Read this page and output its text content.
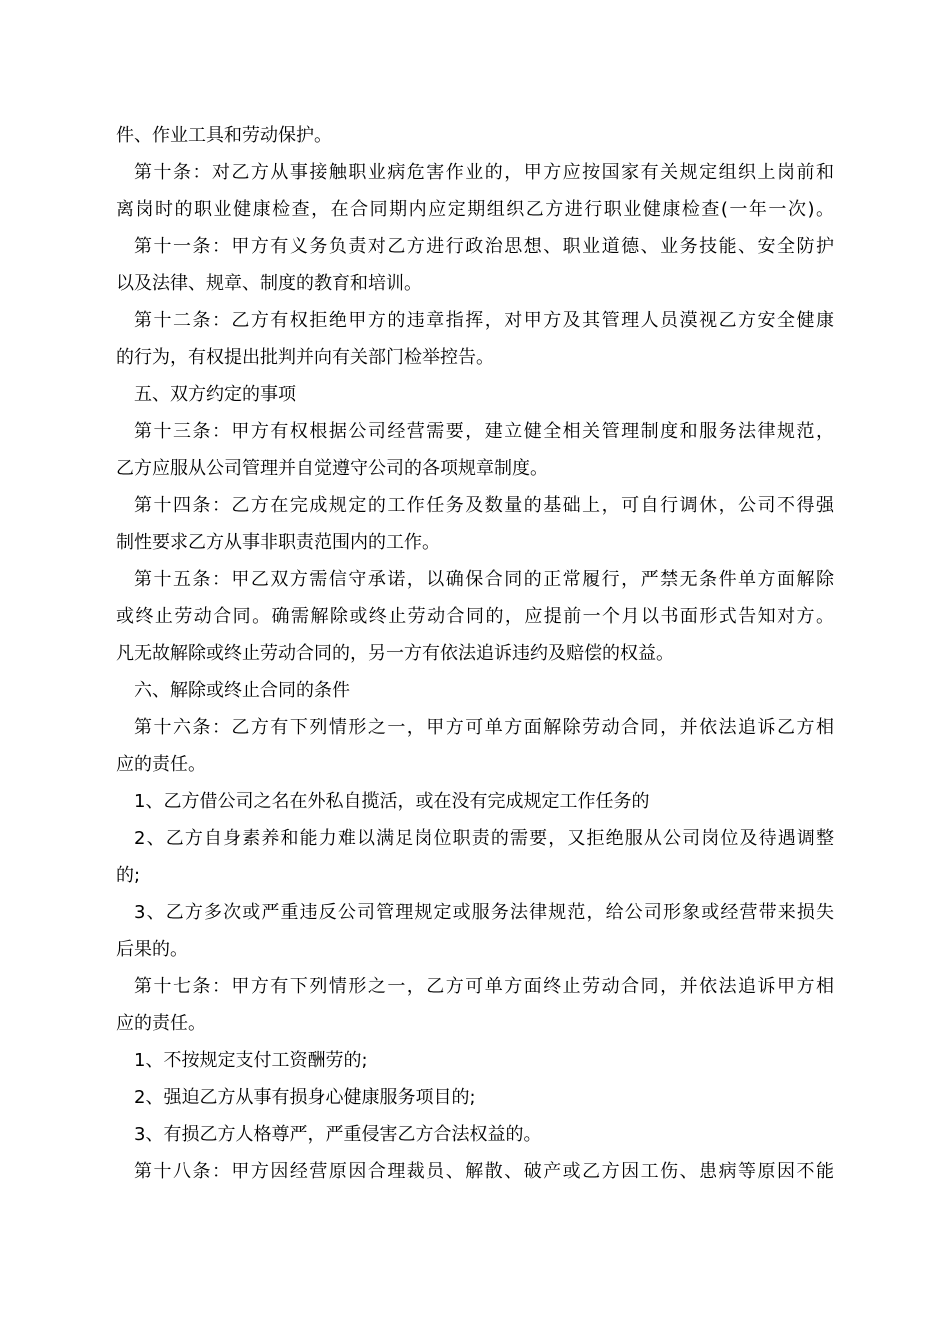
件、作业工具和劳动保护。
第十条：对乙方从事接触职业病危害作业的，甲方应按国家有关规定组织上岗前和
离岗时的职业健康检查，在合同期内应定期组织乙方进行职业健康检查(一年一次)。
第十一条：甲方有义务负责对乙方进行政治思想、职业道德、业务技能、安全防护
以及法律、规章、制度的教育和培训。
第十二条：乙方有权拒绝甲方的违章指挥，对甲方及其管理人员漠视乙方安全健康
的行为，有权提出批判并向有关部门检举控告。
五、双方约定的事项
第十三条：甲方有权根据公司经营需要，建立健全相关管理制度和服务法律规范，
乙方应服从公司管理并自觉遵守公司的各项规章制度。
第十四条：乙方在完成规定的工作任务及数量的基础上，可自行调休，公司不得强
制性要求乙方从事非职责范围内的工作。
第十五条：甲乙双方需信守承诺，以确保合同的正常履行，严禁无条件单方面解除
或终止劳动合同。确需解除或终止劳动合同的，应提前一个月以书面形式告知对方。
凡无故解除或终止劳动合同的，另一方有依法追诉违约及赔偿的权益。
六、解除或终止合同的条件
第十六条：乙方有下列情形之一，甲方可单方面解除劳动合同，并依法追诉乙方相
应的责任。
1、乙方借公司之名在外私自揽活，或在没有完成规定工作任务的
2、乙方自身素养和能力难以满足岗位职责的需要，又拒绝服从公司岗位及待遇调整
的;
3、乙方多次或严重违反公司管理规定或服务法律规范，给公司形象或经营带来损失
后果的。
第十七条：甲方有下列情形之一，乙方可单方面终止劳动合同，并依法追诉甲方相
应的责任。
1、不按规定支付工资酬劳的;
2、强迫乙方从事有损身心健康服务项目的;
3、有损乙方人格尊严，严重侵害乙方合法权益的。
第十八条：甲方因经营原因合理裁员、解散、破产或乙方因工伤、患病等原因不能
